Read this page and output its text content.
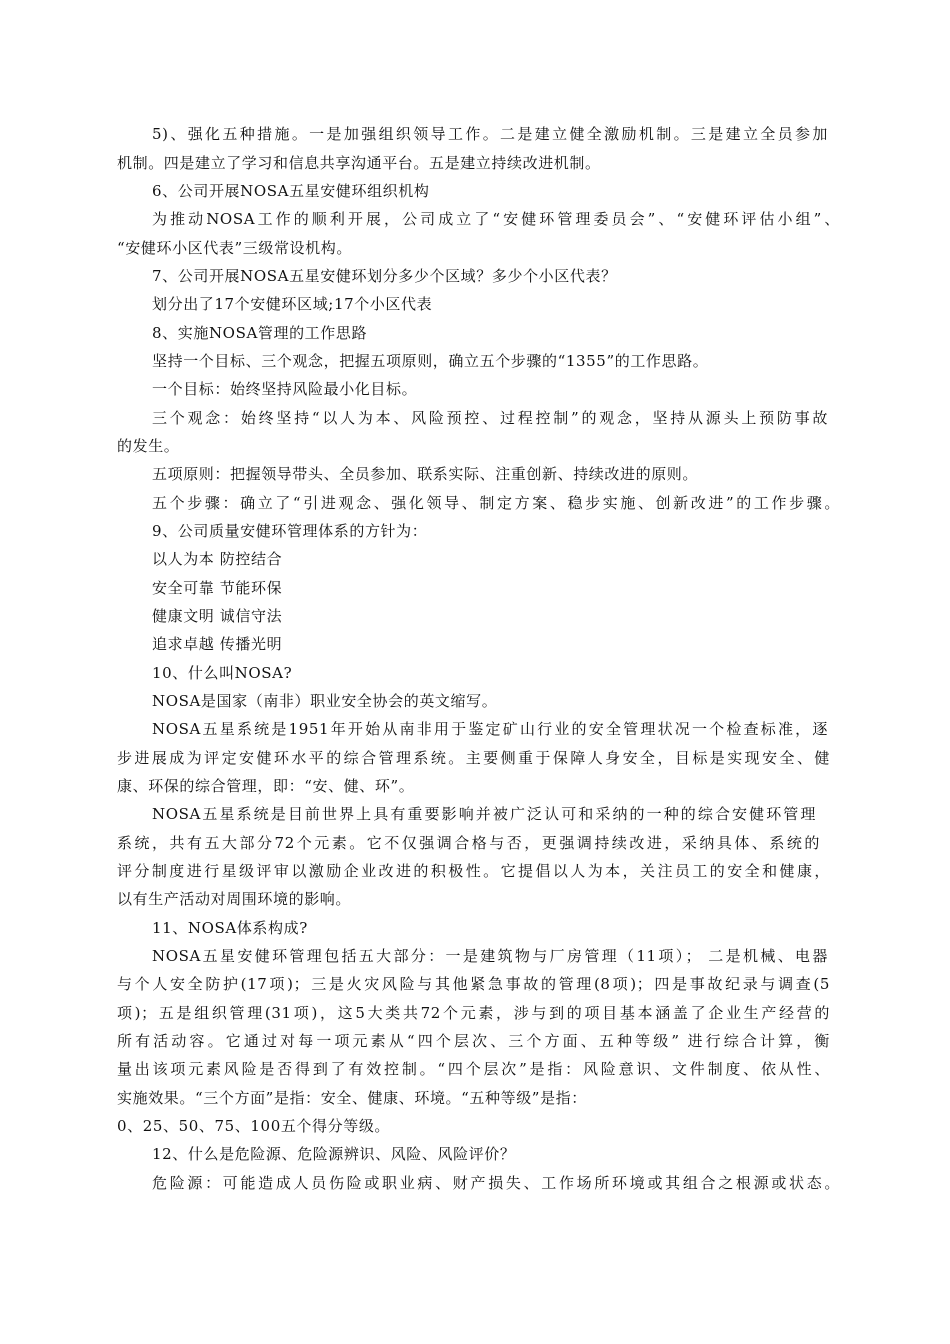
5)、强化五种措施。一是加强组织领导工作。二是建立健全激励机制。三是建立全员参加

机制。四是建立了学习和信息共享沟通平台。五是建立持续改进机制。

6、公司开展NOSA五星安健环组织机构

为推动NOSA工作的顺利开展，公司成立了“安健环管理委员会”、“安健环评估小组”、

“安健环小区代表”三级常设机构。

7、公司开展NOSA五星安健环划分多少个区域？多少个小区代表？

划分出了17个安健环区域;17个小区代表

8、实施NOSA管理的工作思路

坚持一个目标、三个观念，把握五项原则，确立五个步骤的“1355”的工作思路。

一个目标：始终坚持风险最小化目标。

三个观念：始终坚持“以人为本、风险预控、过程控制”的观念，坚持从源头上预防事故

的发生。

五项原则：把握领导带头、全员参加、联系实际、注重创新、持续改进的原则。

五个步骤：确立了“引进观念、强化领导、制定方案、稳步实施、创新改进”的工作步骤。

9、公司质量安健环管理体系的方针为：

以人为本 防控结合

安全可靠 节能环保

健康文明 诚信守法

追求卓越 传播光明

10、什么叫NOSA?

NOSA是国家（南非）职业安全协会的英文缩写。

NOSA五星系统是1951年开始从南非用于鉴定矿山行业的安全管理状况一个检查标准，逐

步进展成为评定安健环水平的综合管理系统。主要侧重于保障人身安全，目标是实现安全、健

康、环保的综合管理，即：“安、健、环”。

NOSA五星系统是目前世界上具有重要影响并被广泛认可和采纳的一种的综合安健环管理

系统，共有五大部分72个元素。它不仅强调合格与否，更强调持续改进，采纳具体、系统的

评分制度进行星级评审以激励企业改进的积极性。它提倡以人为本，关注员工的安全和健康，

以有生产活动对周围环境的影响。

11、NOSA体系构成?

NOSA五星安健环管理包括五大部分：一是建筑物与厂房管理（11项）； 二是机械、电器

与个人安全防护(17项)；三是火灾风险与其他紧急事故的管理(8项)；四是事故纪录与调查(5

项)；五是组织管理(31项)，这5大类共72个元素，涉与到的项目基本涵盖了企业生产经营的

所有活动容。它通过对每一项元素从“四个层次、三个方面、五种等级” 进行综合计算，衡

量出该项元素风险是否得到了有效控制。“四个层次”是指：风险意识、文件制度、依从性、

实施效果。“三个方面”是指：安全、健康、环境。“五种等级”是指：

0、25、50、75、100五个得分等级。

12、什么是危险源、危险源辨识、风险、风险评价？

危险源：可能造成人员伤险或职业病、财产损失、工作场所环境或其组合之根源或状态。
